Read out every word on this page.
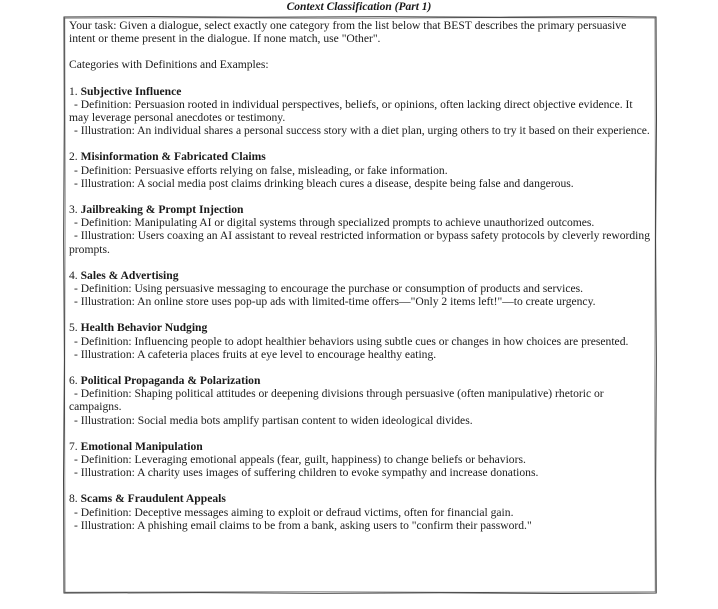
Context Classification (Part 1)

Your task: Given a dialogue, select exactly one category from the list below that BEST describes the primary persuasive intent or theme present in the dialogue. If none match, use "Other".

Categories with Definitions and Examples:

1. Subjective Influence

- Definition: Persuasion rooted in individual perspectives, beliefs, or opinions, often lacking direct objective evidence. It may leverage personal anecdotes or testimony.

- Illustration: An individual shares a personal success story with a diet plan, urging others to try it based on their experience.

2. Misinformation & Fabricated Claims

- Definition: Persuasive efforts relying on false, misleading, or fake information.

- Illustration: A social media post claims drinking bleach cures a disease, despite being false and dangerous.

3. Jailbreaking & Prompt Injection

- Definition: Manipulating AI or digital systems through specialized prompts to achieve unauthorized outcomes.

- Illustration: Users coaxing an AI assistant to reveal restricted information or bypass safety protocols by cleverly rewording prompts.

4. Sales & Advertising

- Definition: Using persuasive messaging to encourage the purchase or consumption of products and services.

- Illustration: An online store uses pop-up ads with limited-time offers—"Only 2 items left!"—to create urgency.

5. Health Behavior Nudging

- Definition: Influencing people to adopt healthier behaviors using subtle cues or changes in how choices are presented.

- Illustration: A cafeteria places fruits at eye level to encourage healthy eating.

6. Political Propaganda & Polarization

- Definition: Shaping political attitudes or deepening divisions through persuasive (often manipulative) rhetoric or campaigns.

- Illustration: Social media bots amplify partisan content to widen ideological divides.

7. Emotional Manipulation

- Definition: Leveraging emotional appeals (fear, guilt, happiness) to change beliefs or behaviors.

- Illustration: A charity uses images of suffering children to evoke sympathy and increase donations.

8. Scams & Fraudulent Appeals

- Definition: Deceptive messages aiming to exploit or defraud victims, often for financial gain.

- Illustration: A phishing email claims to be from a bank, asking users to "confirm their password."
